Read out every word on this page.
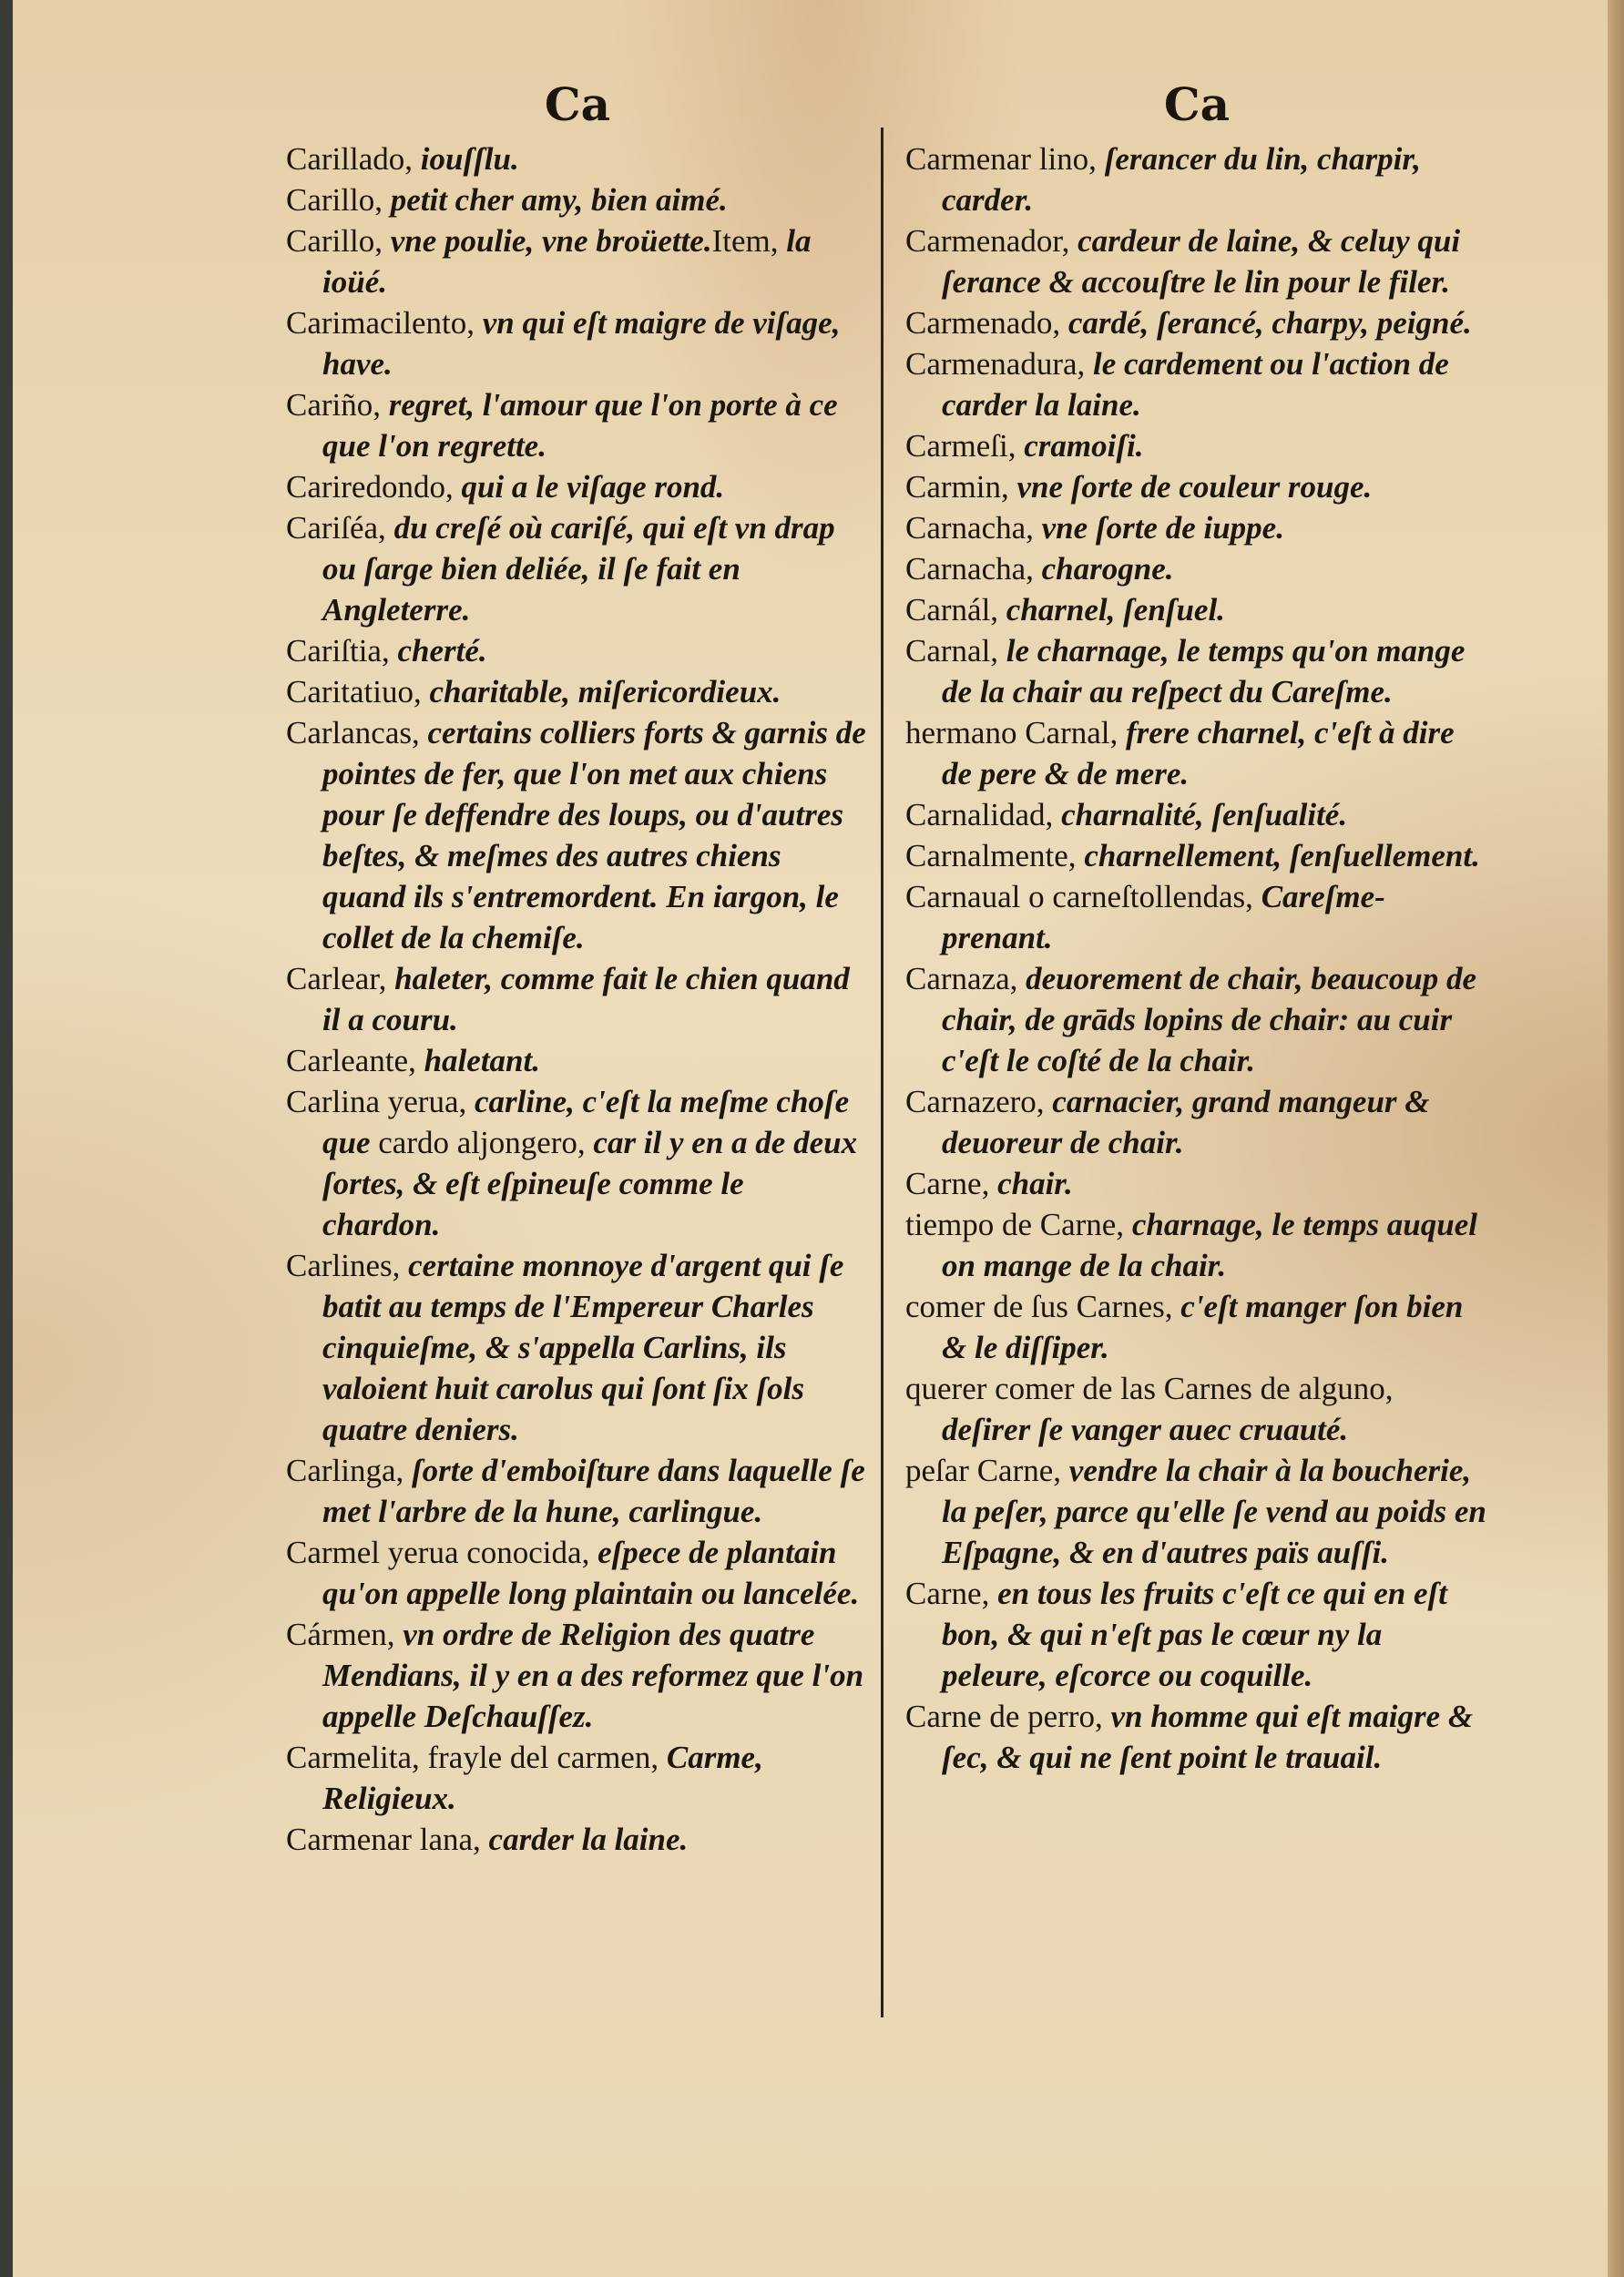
Ca
Carillado, iouſſlu.
Carillo, petit cher amy, bien aimé.
Carillo, vne poulie, vne broüette.Item, la ioüé.
Carimacilento, vn qui eſt maigre de viſage, have.
Cariño, regret, l'amour que l'on porte à ce que l'on regrette.
Cariredondo, qui a le viſage rond.
Cariſéa, du creſé où cariſé, qui eſt vn drap ou ſarge bien deliée, il ſe fait en Angleterre.
Cariſtia, cherté.
Caritatiuo, charitable, miſericordieux.
Carlancas, certains colliers forts & garnis de pointes de fer, que l'on met aux chiens pour ſe deffendre des loups, ou d'autres beſtes, & meſmes des autres chiens quand ils s'entremordent. En iargon, le collet de la chemiſe.
Carlear, haleter, comme fait le chien quand il a couru.
Carleante, haletant.
Carlina yerua, carline, c'eſt la meſme choſe que cardo aljongero, car il y en a de deux ſortes, & eſt eſpineuſe comme le chardon.
Carlines, certaine monnoye d'argent qui ſe batit au temps de l'Empereur Charles cinquieſme, & s'appella Carlins, ils valoient huit carolus qui ſont ſix ſols quatre deniers.
Carlinga, ſorte d'emboiſture dans laquelle ſe met l'arbre de la hune, carlingue.
Carmel yerua conocida, eſpece de plantain qu'on appelle long plaintain ou lancelée.
Cármen, vn ordre de Religion des quatre Mendians, il y en a des reformez que l'on appelle Deſchauſſez.
Carmelita, frayle del carmen, Carme, Religieux.
Carmenar lana, carder la laine.
Ca
Carmenar lino, ſerancer du lin, charpir, carder.
Carmenador, cardeur de laine, & celuy qui ſerance & accouſtre le lin pour le filer.
Carmenado, cardé, ſerancé, charpy, peigné.
Carmenadura, le cardement ou l'action de carder la laine.
Carmeſi, cramoiſi.
Carmin, vne ſorte de couleur rouge.
Carnacha, vne ſorte de iuppe.
Carnacha, charogne.
Carnál, charnel, ſenſuel.
Carnal, le charnage, le temps qu'on mange de la chair au reſpect du Careſme.
hermano Carnal, frere charnel, c'eſt à dire de pere & de mere.
Carnalidad, charnalité, ſenſualité.
Carnalmente, charnellement, ſenſuellement.
Carnaual o carneſtollendas, Careſme-prenant.
Carnaza, deuorement de chair, beaucoup de chair, de grāds lopins de chair: au cuir c'eſt le coſté de la chair.
Carnazero, carnacier, grand mangeur & deuoreur de chair.
Carne, chair.
tiempo de Carne, charnage, le temps auquel on mange de la chair.
comer de ſus Carnes, c'eſt manger ſon bien & le diſſiper.
querer comer de las Carnes de alguno, deſirer ſe vanger auec cruauté.
peſar Carne, vendre la chair à la boucherie, la peſer, parce qu'elle ſe vend au poids en Eſpagne, & en d'autres païs auſſi.
Carne, en tous les fruits c'eſt ce qui en eſt bon, & qui n'eſt pas le cœur ny la peleure, eſcorce ou coquille.
Carne de perro, vn homme qui eſt maigre & ſec, & qui ne ſent point le trauail.
